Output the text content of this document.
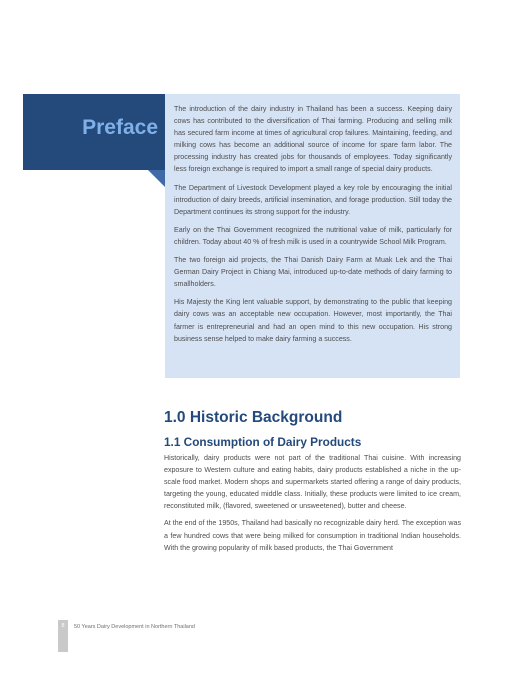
Preface

The introduction of the dairy industry in Thailand has been a success. Keeping dairy cows has contributed to the diversification of Thai farming. Producing and selling milk has secured farm income at times of agricultural crop failures. Maintaining, feeding, and milking cows has become an additional source of income for spare farm labor. The processing industry has created jobs for thousands of employees. Today significantly less foreign exchange is required to import a small range of special dairy products.

The Department of Livestock Development played a key role by encouraging the initial introduction of dairy breeds, artificial insemination, and forage production. Still today the Department continues its strong support for the industry.

Early on the Thai Government recognized the nutritional value of milk, particularly for children. Today about 40 % of fresh milk is used in a countrywide School Milk Program.

The two foreign aid projects, the Thai Danish Dairy Farm at Muak Lek and the Thai German Dairy Project in Chiang Mai, introduced up-to-date methods of dairy farming to smallholders.

His Majesty the King lent valuable support, by demonstrating to the public that keeping dairy cows was an acceptable new occupation. However, most importantly, the Thai farmer is entrepreneurial and had an open mind to this new occupation. His strong business sense helped to make dairy farming a success.

1.0 Historic Background
1.1 Consumption of Dairy Products

Historically, dairy products were not part of the traditional Thai cuisine. With increasing exposure to Western culture and eating habits, dairy products established a niche in the up-scale food market. Modern shops and supermarkets started offering a range of dairy products, targeting the young, educated middle class. Initially, these products were limited to ice cream, reconstituted milk, (flavored, sweetened or unsweetened), butter and cheese.

At the end of the 1950s, Thailand had basically no recognizable dairy herd. The exception was a few hundred cows that were being milked for consumption in traditional Indian households. With the growing popularity of milk based products, the Thai Government

8	50 Years Dairy Development in Northern Thailand
